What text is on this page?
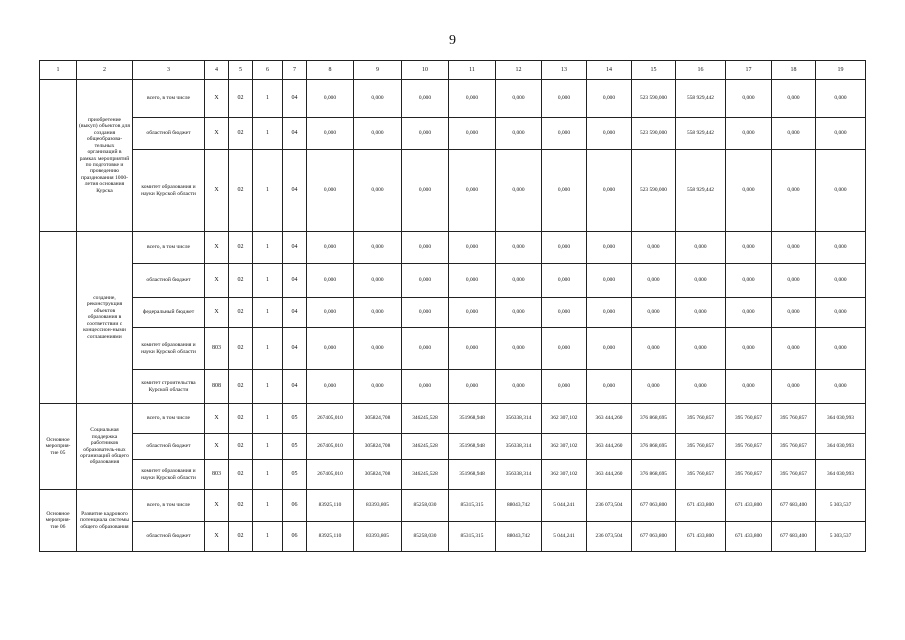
9
1	2	3	4	5	6	7	8	9	10	11	12	13	14	15	16	17	18	19
	приобретение (выкуп) объектов для создания общеобразова-тельных организаций в рамках мероприятий по подготовке и проведению празднования 1000-летия основания Курска	всего, в том числе	X	02	1	04	0,000	0,000	0,000	0,000	0,000	0,000	0,000	523 590,000	558 929,442	0,000	0,000	0,000
		областной бюджет	X	02	1	04	0,000	0,000	0,000	0,000	0,000	0,000	0,000	523 590,000	558 929,442	0,000	0,000	0,000
		комитет образования и науки Курской области	X	02	1	04	0,000	0,000	0,000	0,000	0,000	0,000	0,000	523 590,000	558 929,442	0,000	0,000	0,000
	создание, реконструкция объектов образования в соответствии с концессион-ными соглашениями	всего, в том числе	X	02	1	04	0,000	0,000	0,000	0,000	0,000	0,000	0,000	0,000	0,000	0,000	0,000	0,000
		областной бюджет	X	02	1	04	0,000	0,000	0,000	0,000	0,000	0,000	0,000	0,000	0,000	0,000	0,000	0,000
		федеральный бюджет	X	02	1	04	0,000	0,000	0,000	0,000	0,000	0,000	0,000	0,000	0,000	0,000	0,000	0,000
		комитет образования и науки Курской области	803	02	1	04	0,000	0,000	0,000	0,000	0,000	0,000	0,000	0,000	0,000	0,000	0,000	0,000
		комитет строительства Курской области	808	02	1	04	0,000	0,000	0,000	0,000	0,000	0,000	0,000	0,000	0,000	0,000	0,000	0,000
Основное мероприя-тие 05	Социальная поддержка работников образователь-ных организаций общего образования	всего, в том числе	X	02	1	05	267405,010	305824,708	346245,528	351968,948	356338,314	362 307,102	363 444,260	376 868,695	395 760,857	395 760,857	395 760,857	364 030,993
		областной бюджет	X	02	1	05	267405,010	305824,708	346245,528	351968,948	356338,314	362 307,102	363 444,260	376 868,695	395 760,857	395 760,857	395 760,857	364 030,993
		комитет образования и науки Курской области	803	02	1	05	267405,010	305824,708	346245,528	351968,948	356338,314	362 307,102	363 444,260	376 868,695	395 760,857	395 760,857	395 760,857	364 030,993
Основное мероприя-тие 06	Развитие кадрового потенциала системы общего образования	всего, в том числе	X	02	1	06	83925,110	83393,805	85258,030	85315,315	88043,742	5 044,241	236 073,504	677 063,800	671 433,800	671 433,800	677 683,400	5 303,537
		областной бюджет	X	02	1	06	83925,110	83393,805	85258,030	85315,315	88043,742	5 044,241	236 073,504	677 063,800	671 433,800	671 433,800	677 683,400	5 303,537
